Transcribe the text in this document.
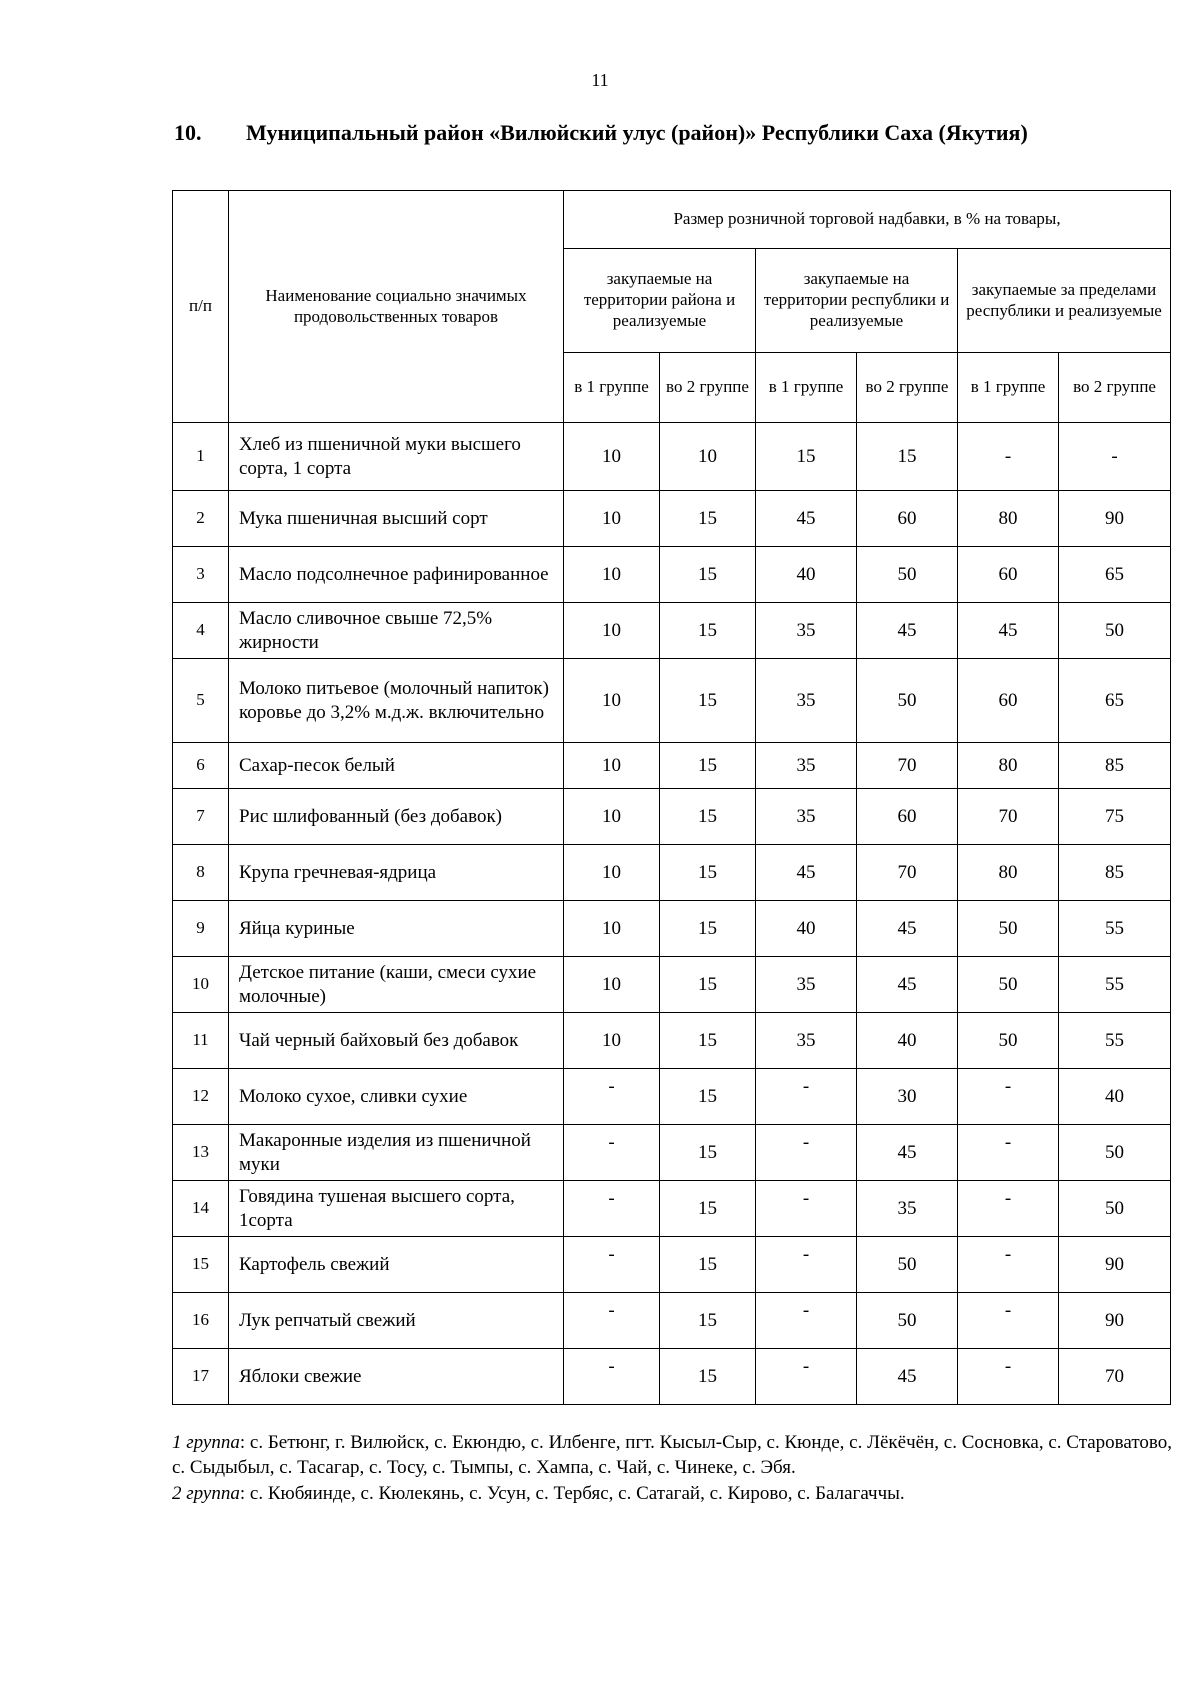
11
10. Муниципальный район «Вилюйский улус (район)» Республики Саха (Якутия)
п/п	Наименование социально значимых продовольственных товаров	Размер розничной торговой надбавки, в % на товары,					
		закупаемые на территории района и реализуемые		закупаемые на территории республики и реализуемые		закупаемые за пределами республики и реализуемые	
		в 1 группе	во 2 группе	в 1 группе	во 2 группе	в 1 группе	во 2 группе
1	Хлеб из пшеничной муки высшего сорта, 1 сорта	10	10	15	15	-	-
2	Мука пшеничная высший сорт	10	15	45	60	80	90
3	Масло подсолнечное рафинированное	10	15	40	50	60	65
4	Масло сливочное свыше 72,5% жирности	10	15	35	45	45	50
5	Молоко питьевое (молочный напиток) коровье до 3,2% м.д.ж. включительно	10	15	35	50	60	65
6	Сахар-песок белый	10	15	35	70	80	85
7	Рис шлифованный (без добавок)	10	15	35	60	70	75
8	Крупа гречневая-ядрица	10	15	45	70	80	85
9	Яйца куриные	10	15	40	45	50	55
10	Детское питание (каши, смеси сухие молочные)	10	15	35	45	50	55
11	Чай черный байховый без добавок	10	15	35	40	50	55
12	Молоко сухое, сливки сухие	-	15	-	30	-	40
13	Макаронные изделия из пшеничной муки	-	15	-	45	-	50
14	Говядина тушеная высшего сорта, 1сорта	-	15	-	35	-	50
15	Картофель свежий	-	15	-	50	-	90
16	Лук репчатый свежий	-	15	-	50	-	90
17	Яблоки свежие	-	15	-	45	-	70
1 группа: с. Бетюнг, г. Вилюйск, с. Екюндю, с. Илбенге, пгт. Кысыл-Сыр, с. Кюнде, с. Лёкёчён, с. Сосновка, с. Староватово, с. Сыдыбыл, с. Тасагар, с. Тосу, с. Тымпы, с. Хампа, с. Чай, с. Чинеке, с. Эбя.
2 группа: с. Кюбяинде, с. Кюлекянь, с. Усун, с. Тербяс, с. Сатагай, с. Кирово, с. Балагаччы.
